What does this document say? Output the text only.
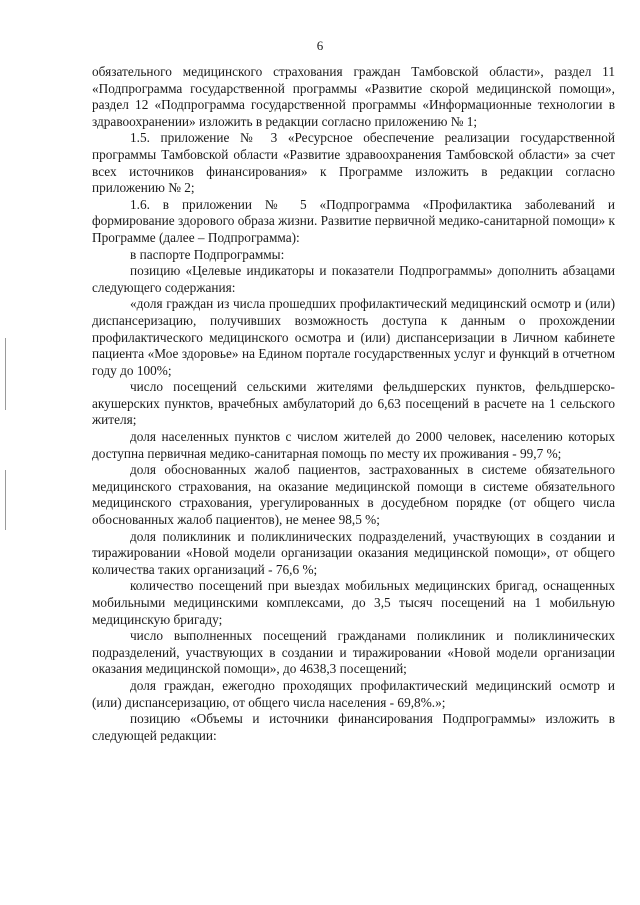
6

обязательного медицинского страхования граждан Тамбовской области», раздел 11 «Подпрограмма государственной программы «Развитие скорой медицинской помощи», раздел 12 «Подпрограмма государственной программы «Информационные технологии в здравоохранении» изложить в редакции согласно приложению № 1;

1.5. приложение № 3 «Ресурсное обеспечение реализации государственной программы Тамбовской области «Развитие здравоохранения Тамбовской области» за счет всех источников финансирования» к Программе изложить в редакции согласно приложению № 2;

1.6. в приложении № 5 «Подпрограмма «Профилактика заболеваний и формирование здорового образа жизни. Развитие первичной медико-санитарной помощи» к Программе (далее – Подпрограмма):

в паспорте Подпрограммы:

позицию «Целевые индикаторы и показатели Подпрограммы» дополнить абзацами следующего содержания:

«доля граждан из числа прошедших профилактический медицинский осмотр и (или) диспансеризацию, получивших возможность доступа к данным о прохождении профилактического медицинского осмотра и (или) диспансеризации в Личном кабинете пациента «Мое здоровье» на Едином портале государственных услуг и функций в отчетном году до 100%;

число посещений сельскими жителями фельдшерских пунктов, фельдшерско-акушерских пунктов, врачебных амбулаторий до 6,63 посещений в расчете на 1 сельского жителя;

доля населенных пунктов с числом жителей до 2000 человек, населению которых доступна первичная медико-санитарная помощь по месту их проживания - 99,7 %;

доля обоснованных жалоб пациентов, застрахованных в системе обязательного медицинского страхования, на оказание медицинской помощи в системе обязательного медицинского страхования, урегулированных в досудебном порядке (от общего числа обоснованных жалоб пациентов), не менее 98,5 %;

доля поликлиник и поликлинических подразделений, участвующих в создании и тиражировании «Новой модели организации оказания медицинской помощи», от общего количества таких организаций - 76,6 %;

количество посещений при выездах мобильных медицинских бригад, оснащенных мобильными медицинскими комплексами, до 3,5 тысяч посещений на 1 мобильную медицинскую бригаду;

число выполненных посещений гражданами поликлиник и поликлинических подразделений, участвующих в создании и тиражировании «Новой модели организации оказания медицинской помощи», до 4638,3 посещений;

доля граждан, ежегодно проходящих профилактический медицинский осмотр и (или) диспансеризацию, от общего числа населения - 69,8%.»;

позицию «Объемы и источники финансирования Подпрограммы» изложить в следующей редакции:
